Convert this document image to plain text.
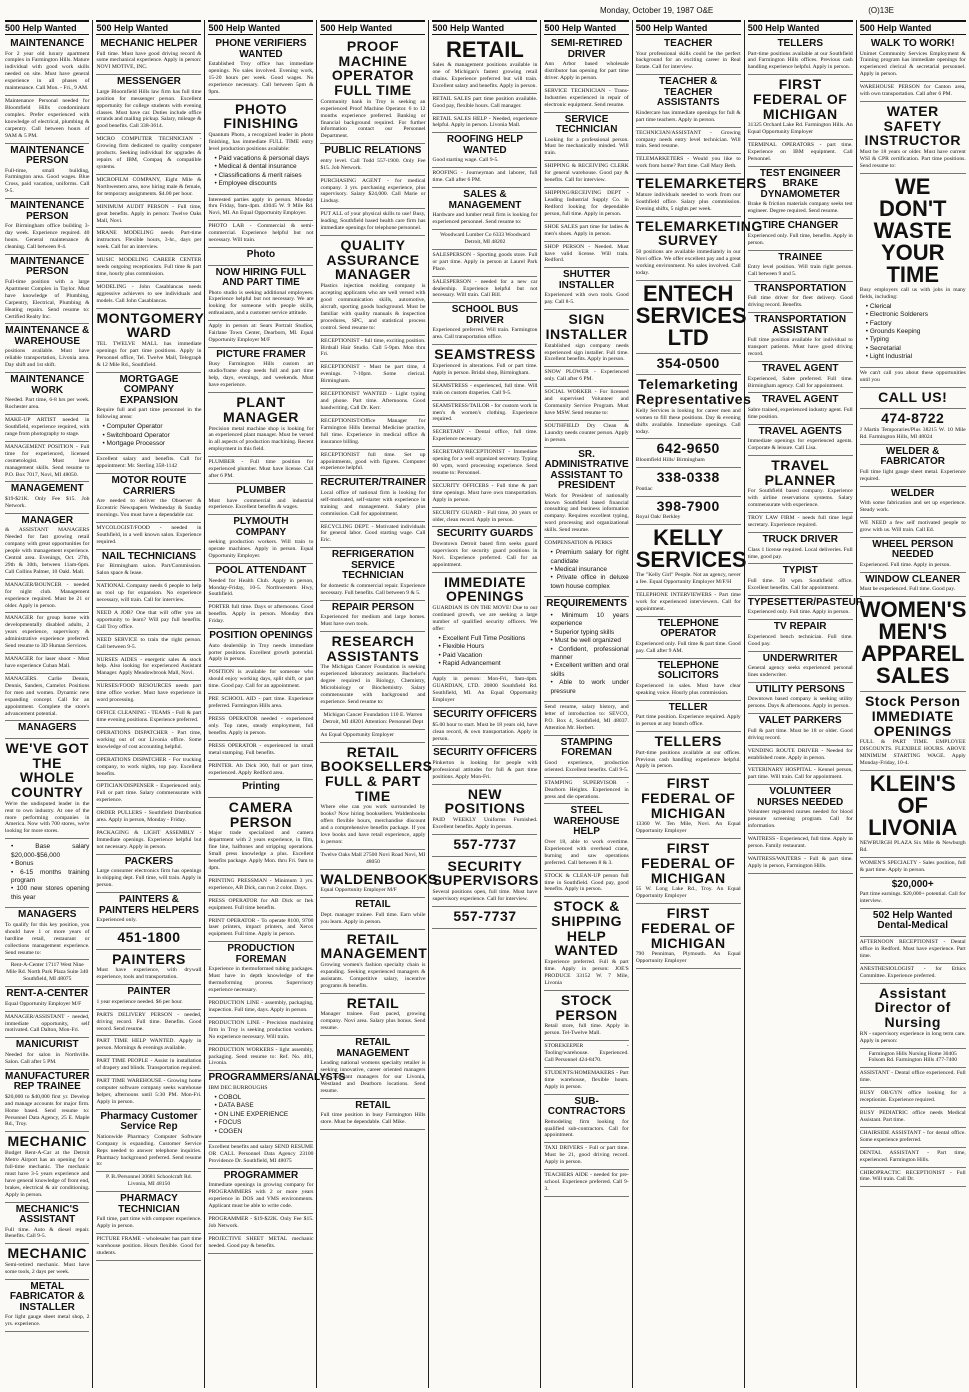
Monday, October 19, 1987 O&E	(O)13E
500 Help Wanted
MAINTENANCE
For 2 year old luxury apartment complex in Farmington Hills. Mature individual with good work skills needed on site. Must have general experience in all phases of maintenance. Call Mon. - Fri., 9 AM.
Maintenance Personal needed for Bloomfield Hills condominium complex. Prefer experienced with knowledge of electrical, plumbing & carpentry. Call between hours of 9AM & 5 PM.
MAINTENANCE PERSON
Full-time, small building, Farmington area. Good wages. Blue Cross, paid vacation, uniforms. Call 9-5.
MAINTENANCE PERSON
For Birmingham office building 3-day week. Experience required. 40 hours. General maintenance & cleaning. Call between 8-4.
MAINTENANCE PERSON
Full-time position with a large Apartment Complex in Taylor. Must have knowledge of Plumbing, Carpentry, Electrical, Plumbing & Heating repairs. Send resume to: Certified Realty Inc.
MAINTENANCE & WAREHOUSE
positions available. Must have reliable transportation, Livonia area. Day shift and 1st shift.
MAINTENANCE WORK
Needed. Part time, 6-8 hrs per week. Rochester area.
MAKE-UP ARTIST needed in Southfield, experience required, with range from photography to stage.
MANAGEMENT POSITION - Full time for experienced, licensed cosmetologist. Must have management skills. Send resume to P.O. Box 7017, Novi, MI 48050.
MANAGEMENT
$19-$21K. Only Fee $15. Job Network.
MANAGER
& ASSISTANT MANAGERS Needed for fast growing retail company with great opportunities for people with management experience. Central area. Evenings, Oct. 27th, 29th & 30th, between 11am-6pm. Call Collins Palmer, 10 Oakl. Mall.
MANAGER/BOUNCER - needed for night club. Management experience required. Must be 21 or older. Apply in person.
MANAGER for group home with developmentally disabled adults, 2 years experience, supervisory & administrative experience preferred. Send resume to 3D Human Services.
MANAGER for laser shoot - Must have experience Cuban Mall.
MANAGERS. Carlie Dennis, Dennis, Sanders, Camelot. Positions for men and women. Dynamic new expanding concept. Call for an appointment. Complete the store's advancement potential.
MANAGERS
WE'VE GOT THE WHOLE COUNTRY
We're the undisputed leader in the rent to own industry. At one of the more performing companies in America. Now with 700 stores, we're looking for more stores.
• Base salary $20,000-$56,000
• Bonus
• 6-15 months training program
• 100 new stores opening this year
MANAGERS
To qualify for this key position, you should have 1 or more years of hardline retail, restaurant or collections management experience. Send resume to:
Rent-A-Center 17117 West Nine Mile Rd. North Park Plaza Suite 340 Southfield, MI 48075
RENT-A-CENTER
Equal Opportunity Employer M/F
MANAGER/ASSISTANT - needed, immediate opportunity, self motivated. Call Dalton, Mon-Fri.
MANICURIST
Needed for salon in Northville. Salon. Call after 5 PM.
MANUFACTURER REP TRAINEE
$20,000 to $40,000 first yr. Develop and manage accounts for major firm. Home based. Send resume to: Personnel Data Agency, 25 E. Maple Rd., Troy.
MECHANIC
Budget Rent-A-Car at the Detroit Metro Airport has an opening for a full-time mechanic. The mechanic must have 3-5 years experience and have general knowledge of front end, brakes, electrical & air conditioning. Apply in person.
MECHANIC'S ASSISTANT
Full time. Auto & diesel repair. Benefits. Call 9-5.
MECHANIC
Semi-retired mechanic. Must have some tools, 2 days per week.
METAL FABRICATOR & INSTALLER
For light gauge sheet metal shop, 2 yrs. experience.
500 Help Wanted
MECHANIC HELPER
Full time. Must have good driving record & some mechanical experience. Apply in person: NOVI MOTIVE, INC.
MESSENGER
Large Bloomfield Hills law firm has full time position for messenger person. Excellent opportunity for college students with evening classes. Must have car. Duties include office errands and mailing pickup. Salary, mileage & good benefits. Call 338-3614.
MICRO COMPUTER TECHNICIAN - Growing firm dedicated to quality computer products. Seeking individual for upgrades & repairs of IBM, Compaq & compatible systems.
MICROFILM COMPANY, Eight Mile & Northwestern area, now hiring male & female, for temporary assignments. $4.00 per hour.
MINIMUM AUDIT PERSON - Full time, great benefits. Apply in person: Twelve Oaks Mall, Novi.
MRANE MODELING needs Part-time instructors. Flexible hours, 3-hr., days per week. Call for an interview.
MUSIC MODELING CAREER CENTER needs outgoing receptionists. Full time & part time, hourly plus commission.
MODELING - John Casablancas needs aggressive achievers to see individuals and models. Call John Casablancas.
MONTGOMERY WARD
TEL TWELVE MALL has immediate openings for part time positions. Apply in Personnel office, Tel. Twelve Mall, Telegraph & 12 Mile Rd., Southfield.
MORTGAGE COMPANY EXPANSION
Require full and part time personnel in the following areas:
• Computer Operator
• Switchboard Operator
• Mortgage Processor
Excellent salary and benefits. Call for appointment: Mr. Sterling 358-1142
MOTOR ROUTE CARRIERS
Are needed to deliver the Observer & Eccentric Newspapers Wednesday & Sunday mornings. You must have a dependable car.
MYCOLOGIST/FOOD - needed in Southfield, in a well known salon. Experience required.
NAIL TECHNICIANS
For Birmingham salon. Part/Commission. Salon space & lease.
NATIONAL Company needs 6 people to help us tool up for expansion. No experience necessary, will train. Call for interview.
NEED A JOB? One that will offer you an opportunity to learn? Will pay full benefits. Call Troy office.
NEED SERVICE to train the right person. Call between 9-5.
NURSES AIDES - energetic sales & stock help. Also looking for experienced Assistant Manager. Apply Meadowbrook Mall, Novi.
NURSES/FOOD RESOURCES needs part time office worker. Must have experience in word processing.
OFFICE CLEANING - TEAMS - Full & part time evening positions. Experience preferred.
OPERATIONS DISPATCHER - Part time, working out of our Livonia office. Some knowledge of cost accounting helpful.
OPERATIONS DISPATCHER - For trucking company, to work nights, top pay. Excellent benefits.
OPTICIAN/DISPENSER - Experienced only. Full or part time. Salary commensurate with experience.
ORDER PULLERS - Southfield Distribution area. Apply in person, Monday - Friday.
PACKAGING & LIGHT ASSEMBLY - Immediate openings. Experience helpful but not necessary. Apply in person.
PACKERS
Large consumer electronics firm has openings in shipping dept. Full time, will train. Apply in person.
PAINTERS & PAINTERS HELPERS
Experienced only.
451-1800
PAINTERS
Must have experience, with drywall experience, tools and transportation.
PAINTER
1 year experience needed. $6 per hour.
PARTS DELIVERY PERSON - needed, driving record. Full time. Benefits. Good record. Send resume.
PART TIME HELP WANTED. Apply in person. Mornings & evenings available.
PART TIME PEOPLE - Assist in installation of drapery and blinds. Transportation required.
PART TIME WAREHOUSE - Growing home computer software company seeks warehouse helper, afternoons until 5:30 PM. Mon-Fri. Apply in person.
Pharmacy Customer Service Rep
Nationwide Pharmacy Computer Software Company is expanding. Customer Service Reps needed to answer telephone inquiries. Pharmacy background preferred. Send resume to:
P. B./Personnel 30681 Schoolcraft Rd. Livonia, MI 48150
PHARMACY TECHNICIAN
Full time, part time with computer experience. Apply in person.
PICTURE FRAME - wholesaler has part time warehouse position. Hours flexible. Good for students.
500 Help Wanted
PHONE VERIFIERS WANTED
Established Troy office has immediate openings. No sales involved. Evening work, 15-20 hours per week. Good wages. No experience necessary. Call between 5pm & 9pm.
PHOTO FINISHING
Quantum Photo, a recognized leader in photo finishing, has immediate FULL TIME entry level production positions available:
• Paid vacations & personal days
• Medical & dental insurance
• Classifications & merit raises
• Employee discounts
Interested parties apply in person. Monday thru Friday, 9am-4pm. 43045 W. 9 Mile Rd. Novi, MI. An Equal Opportunity Employer.
PHOTO LAB - Commercial & semi-commercial. Experience helpful but not necessary. Will train.
Photo
NOW HIRING FULL AND PART TIME
Photo studio is seeking additional employees. Experience helpful but not necessary. We are looking for someone with people skills, enthusiasm, and a customer service attitude.
Apply in person at: Sears Portrait Studios, Fairlane Town Center, Dearborn, MI. Equal Opportunity Employer M/F
PICTURE FRAMER
Busy Farmington Hills custom art studio/frame shop needs full and part time help, days, evenings, and weekends. Must have experience.
PLANT MANAGER
Precision metal machine shop is looking for an experienced plant manager. Must be versed in all aspects of production machining. Recent employment in this field.
PLUMBER - Full time position for experienced plumber. Must have license. Call after 6 PM.
PLUMBER
Must have commercial and industrial experience. Excellent benefits & wages.
PLYMOUTH COMPANY
seeking production workers. Will train to operate machines. Apply in person. Equal Opportunity Employer.
POOL ATTENDANT
Needed for Health Club. Apply in person, Monday-Friday, 10-5. Northwestern Hwy, Southfield.
PORTER full time. Days or afternoons. Good benefits. Apply in person. Monday thru Friday.
POSITION OPENINGS
Auto dealership in Troy needs immediate porter positions. Excellent growth potential. Apply in person.
POSITION is available for someone who should enjoy working days, split shift, or part time. Good pay. Call for an appointment.
PRE SCHOOL AID - part time. Experience preferred. Farmington Hills area.
PRESS OPERATOR needed - experienced only. Top rates, steady employment, full benefits. Apply in person.
PRESS OPERATOR - experienced in small metal stamping. Full benefits.
PRINTER. Ab Dick 360, full or part time, experienced. Apply Redford area.
Printing
CAMERA PERSON
Major trade specialized and camera department with 2 years experience, in film, fine line, halftones and stripping operations. Small press knowledge a plus. Excellent benefits package. Apply Mon. thru Fri. 9am to 4pm.
PRINTING PRESSMAN - Minimum 3 yrs. experience, AB Dick, can run 2 color. Days.
PRESS OPERATOR for AB Dick or Itek equipment. Full time benefits.
PRINT OPERATOR - To operate 8100, 9700 laser printers, impact printers, and Xerox equipment. Full time. Apply in person.
PRODUCTION FOREMAN
Experience in thermoformed tubing packages. Must have in depth knowledge of the thermoforming process. Supervisory experience necessary.
PRODUCTION LINE - assembly, packaging, inspection. Full time, days. Apply in person.
PRODUCTION LINE - Precision machining firm in Troy is seeking production workers. No experience necessary. Will train.
PRODUCTION WORKERS - light assembly, packaging. Send resume to: Ref. No. 401, Livonia.
PROGRAMMERS/ANALYSTS
IBM DEC BURROUGHS
• COBOL
• DATA BASE
• ON LINE EXPERIENCE
• FOCUS
• COGEN
Excellent benefits and salary SEND RESUME OR CALL Personnel Data Agency 23100 Providence Dr. Southfield, MI 48075
PROGRAMMER
Immediate openings in growing company for PROGRAMMERS with 2 or more years experience in DOS and VMS environments. Applicant must be able to write code.
PROGRAMMER - $19-$22K. Only Fee $15. Job Network.
PROJECTIVE SHEET METAL mechanic needed. Good pay & benefits.
500 Help Wanted
PROOF MACHINE OPERATOR FULL TIME
Community bank in Troy is seeking an experienced Proof Machine Operator. 6 to 12 months experience preferred. Banking or financial background required. For further information contact our Personnel Department.
PUBLIC RELATIONS
entry level. Call Todd 557-1900. Only Fee $15. Job Network.
PURCHASING AGENT - for medical company. 3 yrs. purchasing experience, plus supervisory. Salary $24,000. Call Marie or Lindsay.
PUT ALL of your physical skills to use! Busy, leading, Southfield based health care firm has immediate openings for telephone personnel.
QUALITY ASSURANCE MANAGER
Plastics injection molding company is accepting applicants who are well versed with good communication skills, automotive, aircraft, sporting goods background. Must be familiar with quality manuals & inspection procedures, SPC, and statistical process control. Send resume to:
RECEPTIONIST - full time, exciting position. Birdsall Hair Studio. Call 5-9pm. Mon thru Fri.
RECEPTIONIST - Must be part time, 4 evenings. 7-10pm. Some clerical. Birmingham.
RECEPTIONIST WANTED - Light typing and phone. Part time. Afternoons. Good handwriting. Call Dr. Kerr.
RECEPTIONIST/Office Manager for Farmington Hills Internal Medicine practice, full time. Experience in medical office & insurance billing.
RECEPTIONIST full time. Set up appointments, good with figures. Computer experience helpful.
RECRUITER/TRAINER
Local office of national firm is looking for self-motivated, self-starter with experience in training and management. Salary plus commission. Call for appointment.
RECYCLING DEPT. - Motivated individuals for general labor. Good starting wage. Call Eric.
REFRIGERATION SERVICE TECHNICIAN
for domestic & commercial repair. Experience necessary. Full benefits. Call between 9 & 5.
REPAIR PERSON
Experienced for medium and large homes. Must have own tools.
RESEARCH ASSISTANTS
The Michigan Cancer Foundation is seeking experienced laboratory assistants. Bachelor's degree required in Biology, Chemistry, Microbiology or Biochemistry. Salary commensurate with background and experience. Send resume to:
Michigan Cancer Foundation 110 E. Warren Detroit, MI 48201 Attention: Personnel Dept
An Equal Opportunity Employer
RETAIL BOOKSELLERS FULL & PART TIME
Where else can you work surrounded by books? Now hiring booksellers. Waldenbooks offers flexible hours, merchandise discount and a comprehensive benefits package. If you love books and have retail experience, apply in person:
Twelve Oaks Mall 27500 Novi Road Novi, MI 48050
WALDENBOOKS
Equal Opportunity Employer M/F
RETAIL
Dept. manager trainee. Full time. Earn while you learn. Apply in person.
RETAIL MANAGEMENT
Growing women's fashion specialty chain is expanding. Seeking experienced managers & assistants. Competitive salary, incentive programs & benefits.
RETAIL
Manager trainee. Fast paced, growing company. Novi area. Salary plus bonus. Send resume.
RETAIL MANAGEMENT
Leading national womens specialty retailer is seeking innovative, career oriented managers and assistant managers for our Livonia, Westland and Dearborn locations. Send resume.
RETAIL
Full time position in busy Farmington Hills store. Must be dependable. Call Mike.
500 Help Wanted
RETAIL
Sales & management positions available in one of Michigan's fastest growing retail chains. Experience preferred but will train. Excellent salary and benefits. Apply in person.
RETAIL SALES part time position available. Good pay, flexible hours. Call manager.
RETAIL SALES HELP - Needed, experience helpful. Apply in person. Livonia Mall.
ROOFING HELP WANTED
Good starting wage. Call 9-5.
ROOFING - Journeyman and laborer, full time. Call after 6 PM.
SALES & MANAGEMENT
Hardware and lumber retail firm is looking for experienced personnel. Send resume to:
Woodward Lumber Co 6333 Woodward Detroit, MI 48202
SALESPERSON - Sporting goods store. Full or part time. Apply in person at Laurel Park Place.
SALESPERSON - needed for a new car dealership. Experience helpful but not necessary. Will train. Call Bill.
SCHOOL BUS DRIVER
Experienced preferred. Will train. Farmington area. Call transportation office.
SEAMSTRESS
Experienced in alterations. Full or part time. Apply in person. Bridal shop, Birmingham.
SEAMSTRESS - experienced, full time. Will train on custom draperies. Call 9-5.
SEAMSTRESS/TAILOR - for custom work in men's & women's clothing. Experience required.
SECRETARY - Dental office, full time. Experience necessary.
SECRETARY/RECEPTIONIST - Immediate opening for a well organized secretary. Typing 60 wpm, word processing experience. Send resume to: Personnel.
SECURITY OFFICERS - Full time & part time openings. Must have own transportation. Apply in person.
SECURITY GUARD - Full time, 20 years or older, clean record. Apply in person.
SECURITY GUARDS
Downtown Detroit based firm seeks guard supervisors for security guard positions in Novi. Experience preferred. Call for an appointment.
IMMEDIATE OPENINGS
GUARDIAN IS ON THE MOVE! Due to our continued growth, we are seeking a large number of qualified security officers. We offer:
• Excellent Full Time Positions
• Flexible Hours
• Paid Vacation
• Rapid Advancement
Apply in person: Mon-Fri, 9am-4pm. GUARDIAN, LTD. 20800 Southfield Rd. Southfield, MI. An Equal Opportunity Employer
SECURITY OFFICERS
$5.00 hour to start. Must be 18 years old, have clean record, & own transportation. Apply in person.
SECURITY OFFICERS
Pinkerton is looking for people with professional attitudes for full & part time positions. Apply Mon-Fri.
NEW POSITIONS
PAID WEEKLY Uniforms Furnished. Excellent benefits. Apply in person.
557-7737
SECURITY SUPERVISORS
Several positions open, full time. Must have supervisory experience. Call for interview.
557-7737
500 Help Wanted
SEMI-RETIRED DRIVER
Ann Arbor based wholesale distributor has opening for part time driver. Apply in person.
SERVICE TECHNICIAN - Trans-Industries experienced in repair of electronic equipment. Send resume.
SERVICE TECHNICIAN
Looking for a professional person. Must be mechanically minded. Will train.
SHIPPING & RECEIVING CLERK for general warehouse. Good pay & benefits. Call for interview.
SHIPPING/RECEIVING DEPT - Leading Industrial Supply Co. in Redford looking for dependable person, full time. Apply in person.
SHOE SALES part time for ladies & men's shoes. Apply in person.
SHOP PERSON - Needed. Must have valid license. Will train. Redford.
SHUTTER INSTALLER
Experienced with own tools. Good pay. Call 8-5.
SIGN INSTALLER
Established sign company needs experienced sign installer. Full time. Excellent benefits. Apply in person.
SNOW PLOWER - Experienced only. Call after 6 PM.
SOCIAL WORKER - For licensed and supervised Volunteer and Community Service Program. Must have MSW. Send resume to:
SOUTHFIELD Dry Clean & Laundry needs counter person. Apply in person.
SR. ADMINISTRATIVE ASSISTANT TO PRESIDENT
Work for President of nationally known Southfield based financial consulting and business information company. Requires excellent typing, word processing and organizational skills. Send resume.
COMPENSATION & PERKS
• Premium salary for right candidate
• Medical insurance
• Private office in deluxe town house complex
REQUIREMENTS
• Minimum 10 years experience
• Superior typing skills
• Must be well organized
• Confident, professional manner
• Excellent written and oral skills
• Able to work under pressure
Send resume, salary history, and letter of introduction to: SEVCO, P.O. Box 4, Southfield, MI 48037. Attention Mr. Herbert.
STAMPING FOREMAN
Good experience, production oriented. Excellent benefits. Call 9-5.
STAMPING SUPERVISOR - Dearborn Heights. Experienced in press and die operations.
STEEL WAREHOUSE HELP
Over 18, able to work overtime. Experienced with overhead crane, burning and saw operations preferred. Call between 8 & 3.
STOCK & CLEAN-UP person full time in Southfield. Good pay, good benefits. Apply in person.
STOCK & SHIPPING HELP WANTED
Experience preferred. Full & part time. Apply in person: JOE'S PRODUCE 33152 W. 7 Mile, Livonia
STOCK PERSON
Retail store, full time. Apply in person. Tel-Twelve Mall.
STOREKEEPER - Tooling/warehouse. Experienced. Call Personnel 424-8470.
STUDENTS/HOMEMAKERS - Part time warehouse, flexible hours. Apply in person.
SUB-CONTRACTORS
Remodeling firm looking for qualified sub-contractors. Call for appointment.
TAXI DRIVERS - Full or part time. Must be 21, good driving record. Apply in person.
TEACHERS AIDE - needed for pre-school. Experience preferred. Call 9-3.
500 Help Wanted
TEACHER
Your professional skills could be the perfect background for an exciting career in Real Estate. Call for interview.
TEACHER & TEACHER ASSISTANTS
Kindercare has immediate openings for full & part time teachers. Apply in person.
TECHNICIAN/ASSISTANT - Growing company needs entry level technician. Will train. Send resume.
TELEMARKETERS - Would you like to work from home? Part time. Call Mary Beth.
TELEMARKETERS
Mature individuals needed to work from our Southfield office. Salary plus commission. Evening shifts, 5 nights per week.
TELEMARKETING SURVEY
50 positions are available immediately in our Novi office. We offer excellent pay and a great working environment. No sales involved. Call today.
ENTECH SERVICES LTD
354-0500
Telemarketing Representatives
Kelly Services is looking for career men and women to fill these positions. Day & evening shifts available. Immediate openings. Call today.
642-9650
Bloomfield Hills/ Birmingham
338-0338
Pontiac
398-7900
Royal Oak/ Berkley
KELLY SERVICES
The "Kelly Girl" People. Not an agency, never a fee. Equal Opportunity Employer M/F/H
TELEPHONE INTERVIEWERS - Part time work for experienced interviewers. Call for appointment.
TELEPHONE OPERATOR
Experienced only. Full time & part time. Good pay. Call after 9 AM.
TELEPHONE SOLICITORS
Experienced in sales. Must have clear speaking voice. Hourly plus commission.
TELLER
Part time position. Experience required. Apply in person at any branch office.
TELLERS
Part-time positions available at our offices. Previous cash handling experience helpful. Apply in person.
FIRST FEDERAL OF MICHIGAN
13360 W. Ten Mile, Novi. An Equal Opportunity Employer
FIRST FEDERAL OF MICHIGAN
55 W. Long Lake Rd., Troy. An Equal Opportunity Employer
FIRST FEDERAL OF MICHIGAN
790 Penniman, Plymouth. An Equal Opportunity Employer
500 Help Wanted
TELLERS
Part-time positions available at our Southfield and Farmington Hills offices. Previous cash handling experience helpful. Apply in person.
FIRST FEDERAL OF MICHIGAN
31325 Orchard Lake Rd. Farmington Hills. An Equal Opportunity Employer
TERMINAL OPERATORS - part time. Experience on IBM equipment. Call Personnel.
TEST ENGINEER BRAKE DYNAMOMETER
Brake & friction materials company seeks test engineer. Degree required. Send resume.
TIRE CHANGER
Experienced only. Full time, benefits. Apply in person.
TRAINEE
Entry level position. Will train right person. Call between 9 and 5.
TRANSPORTATION
Full time driver for fleet delivery. Good driving record. Benefits.
TRANSPORTATION ASSISTANT
Full time position available for individual to transport patients. Must have good driving record.
TRAVEL AGENT
Experienced, Sabre preferred. Full time. Birmingham agency. Call for appointment.
TRAVEL AGENT
Sabre trained, experienced industry agent. Full time position.
TRAVEL AGENTS
Immediate openings for experienced agents. Corporate & leisure. Call Lisa.
TRAVEL PLANNER
For Southfield based company. Experience with airline reservations systems. Salary commensurate with experience.
TROY LAW FIRM - needs full time legal secretary. Experience required.
TRUCK DRIVER
Class 1 license required. Local deliveries. Full time, good pay.
TYPIST
Full time. 50 wpm. Southfield office. Excellent benefits. Call for appointment.
TYPESETTER/PASTEUP
Experienced only. Full time. Apply in person.
TV REPAIR
Experienced bench technician. Full time. Good pay.
UNDERWRITER
General agency seeks experienced personal lines underwriter.
UTILITY PERSONS
Downtown based company is seeking utility persons. Days & afternoons. Apply in person.
VALET PARKERS
Full & part time. Must be 18 or older. Good driving record.
VENDING ROUTE DRIVER - Needed for established route. Apply in person.
VETERINARY HOSPITAL - Kennel person, part time. Will train. Call for appointment.
VOLUNTEER NURSES NEEDED
Volunteer registered nurses needed for blood pressure screening program. Call for information.
WAITRESS - Experienced, full time. Apply in person. Family restaurant.
WAITRESS/WAITERS - Full & part time. Apply in person, Farmington Hills.
500 Help Wanted
WALK TO WORK!
Unimet Community Services Employment & Training program has immediate openings for experienced clerical & secretarial personnel. Apply in person.
WAREHOUSE PERSON for Canton area, with own transportation. Call after 6 PM.
WATER SAFETY INSTRUCTOR
Must be 18 years or older. Must have current WSI & CPR certification. Part time positions. Send resume to:
WE DON'T WASTE YOUR TIME
Busy employers call us with jobs in many fields, including:
• Clerical
• Electronic Solderers
• Factory
• Grounds Keeping
• Typing
• Secretarial
• Light Industrial
We can't call you about these opportunities until you
CALL US!
474-8722
J Martin Temporaries/Plus 38215 W. 10 Mile Rd. Farmington Hills, MI 48024
WELDER & FABRICATOR
Full time light gauge sheet metal. Experience required.
WELDER
With some fabrication and set up experience. Steady work.
WE NEED a few self motivated people to grow with us. Will train. Call Ed.
WHEEL PERSON NEEDED
Experienced. Full time. Apply in person.
WINDOW CLEANER
Must be experienced. Full time. Good pay.
WOMEN'S MEN'S APPAREL SALES
Stock Person IMMEDIATE OPENINGS
FULL & PART TIME. EMPLOYEE DISCOUNTS. FLEXIBLE HOURS. ABOVE MINIMUM STARTING WAGE. Apply Monday-Friday, 10-4.
KLEIN'S OF LIVONIA
NEWBURGH PLAZA Six Mile & Newburgh Rd.
WOMEN'S SPECIALTY - Sales position, full & part time. Apply in person.
$20,000+
Part time earnings. $20,000+ potential. Call for interview.
502 Help Wanted Dental-Medical
AFTERNOON RECEPTIONIST - Dental office in Redford. Must have experience. Part time.
ANESTHESIOLOGIST - for Ethics Committee. Experience preferred.
Assistant Director of Nursing
RN - supervisory experience in long term care. Apply in person:
Farmington Hills Nursing Home 30405 Folsom Rd. Farmington Hills 477-7400
ASSISTANT - Dental office experienced. Full time.
BUSY OB/GYN office looking for a receptionist. Experience required.
BUSY PEDIATRIC office needs Medical Assistant. Part time.
CHAIRSIDE ASSISTANT - for dental office. Some experience preferred.
DENTAL ASSISTANT - Part time, experienced. Farmington Hills.
CHIROPRACTIC RECEPTIONIST - Full time. Will train. Call Dr.
